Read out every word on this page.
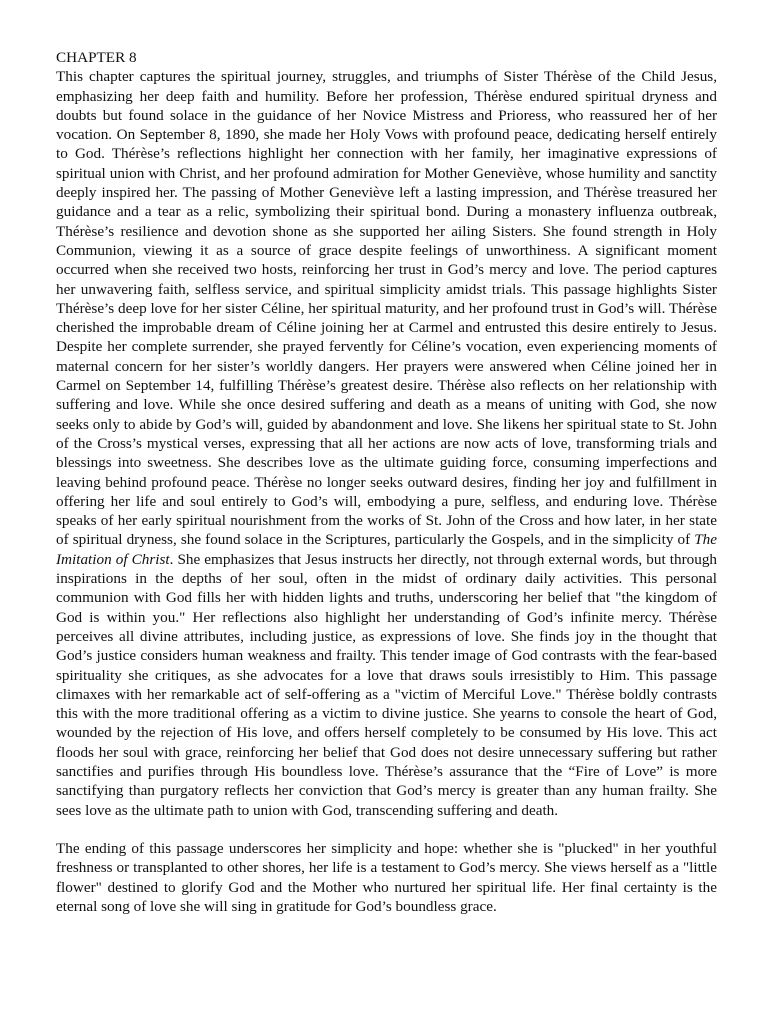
CHAPTER 8

This chapter captures the spiritual journey, struggles, and triumphs of Sister Thérèse of the Child Jesus, emphasizing her deep faith and humility. Before her profession, Thérèse endured spiritual dryness and doubts but found solace in the guidance of her Novice Mistress and Prioress, who reassured her of her vocation. On September 8, 1890, she made her Holy Vows with profound peace, dedicating herself entirely to God. Thérèse’s reflections highlight her connection with her family, her imaginative expressions of spiritual union with Christ, and her profound admiration for Mother Geneviève, whose humility and sanctity deeply inspired her. The passing of Mother Geneviève left a lasting impression, and Thérèse treasured her guidance and a tear as a relic, symbolizing their spiritual bond. During a monastery influenza outbreak, Thérèse’s resilience and devotion shone as she supported her ailing Sisters. She found strength in Holy Communion, viewing it as a source of grace despite feelings of unworthiness. A significant moment occurred when she received two hosts, reinforcing her trust in God’s mercy and love. The period captures her unwavering faith, selfless service, and spiritual simplicity amidst trials. This passage highlights Sister Thérèse’s deep love for her sister Céline, her spiritual maturity, and her profound trust in God’s will. Thérèse cherished the improbable dream of Céline joining her at Carmel and entrusted this desire entirely to Jesus. Despite her complete surrender, she prayed fervently for Céline’s vocation, even experiencing moments of maternal concern for her sister’s worldly dangers. Her prayers were answered when Céline joined her in Carmel on September 14, fulfilling Thérèse’s greatest desire. Thérèse also reflects on her relationship with suffering and love. While she once desired suffering and death as a means of uniting with God, she now seeks only to abide by God’s will, guided by abandonment and love. She likens her spiritual state to St. John of the Cross’s mystical verses, expressing that all her actions are now acts of love, transforming trials and blessings into sweetness. She describes love as the ultimate guiding force, consuming imperfections and leaving behind profound peace. Thérèse no longer seeks outward desires, finding her joy and fulfillment in offering her life and soul entirely to God’s will, embodying a pure, selfless, and enduring love. Thérèse speaks of her early spiritual nourishment from the works of St. John of the Cross and how later, in her state of spiritual dryness, she found solace in the Scriptures, particularly the Gospels, and in the simplicity of The Imitation of Christ. She emphasizes that Jesus instructs her directly, not through external words, but through inspirations in the depths of her soul, often in the midst of ordinary daily activities. This personal communion with God fills her with hidden lights and truths, underscoring her belief that "the kingdom of God is within you." Her reflections also highlight her understanding of God’s infinite mercy. Thérèse perceives all divine attributes, including justice, as expressions of love. She finds joy in the thought that God’s justice considers human weakness and frailty. This tender image of God contrasts with the fear-based spirituality she critiques, as she advocates for a love that draws souls irresistibly to Him. This passage climaxes with her remarkable act of self-offering as a "victim of Merciful Love." Thérèse boldly contrasts this with the more traditional offering as a victim to divine justice. She yearns to console the heart of God, wounded by the rejection of His love, and offers herself completely to be consumed by His love. This act floods her soul with grace, reinforcing her belief that God does not desire unnecessary suffering but rather sanctifies and purifies through His boundless love. Thérèse’s assurance that the “Fire of Love” is more sanctifying than purgatory reflects her conviction that God’s mercy is greater than any human frailty. She sees love as the ultimate path to union with God, transcending suffering and death.

The ending of this passage underscores her simplicity and hope: whether she is "plucked" in her youthful freshness or transplanted to other shores, her life is a testament to God’s mercy. She views herself as a "little flower" destined to glorify God and the Mother who nurtured her spiritual life. Her final certainty is the eternal song of love she will sing in gratitude for God’s boundless grace.
